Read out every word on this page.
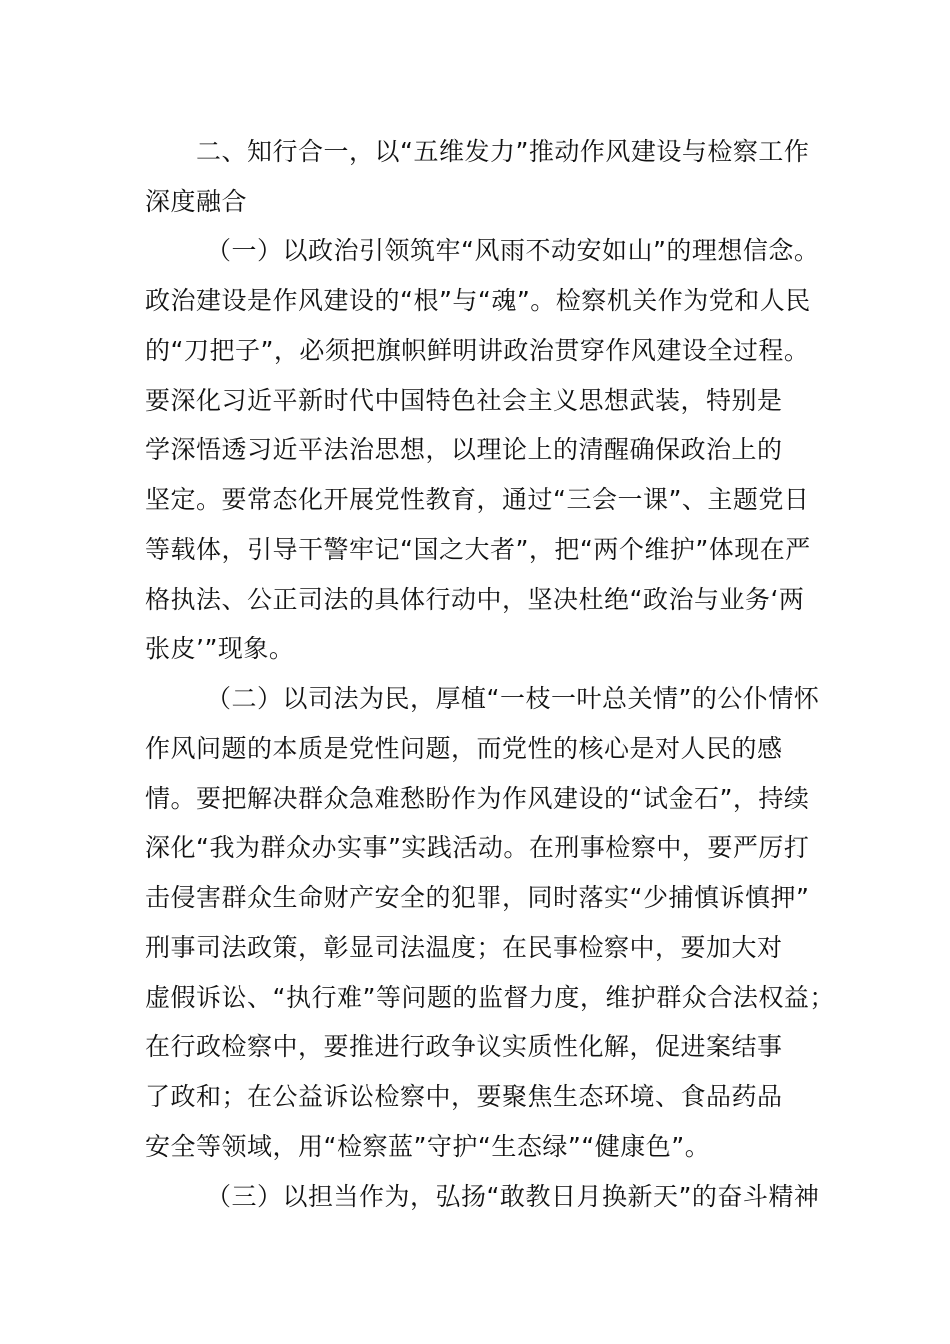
二、知行合一，以“五维发力”推动作风建设与检察工作
深度融合
（一）以政治引领筑牢“风雨不动安如山”的理想信念。
政治建设是作风建设的“根”与“魂”。检察机关作为党和人民
的“刀把子”，必须把旗帜鲜明讲政治贯穿作风建设全过程。
要深化习近平新时代中国特色社会主义思想武装，特别是
学深悟透习近平法治思想，以理论上的清醒确保政治上的
坚定。要常态化开展党性教育，通过“三会一课”、主题党日
等载体，引导干警牢记“国之大者”，把“两个维护”体现在严
格执法、公正司法的具体行动中，坚决杜绝“政治与业务‘两
张皮’”现象。
（二）以司法为民，厚植“一枝一叶总关情”的公仆情怀
作风问题的本质是党性问题，而党性的核心是对人民的感
情。要把解决群众急难愁盼作为作风建设的“试金石”，持续
深化“我为群众办实事”实践活动。在刑事检察中，要严厉打
击侵害群众生命财产安全的犯罪，同时落实“少捕慎诉慎押”
刑事司法政策，彰显司法温度；在民事检察中，要加大对
虚假诉讼、“执行难”等问题的监督力度，维护群众合法权益；
在行政检察中，要推进行政争议实质性化解，促进案结事
了政和；在公益诉讼检察中，要聚焦生态环境、食品药品
安全等领域，用“检察蓝”守护“生态绿”“健康色”。
（三）以担当作为，弘扬“敢教日月换新天”的奋斗精神
